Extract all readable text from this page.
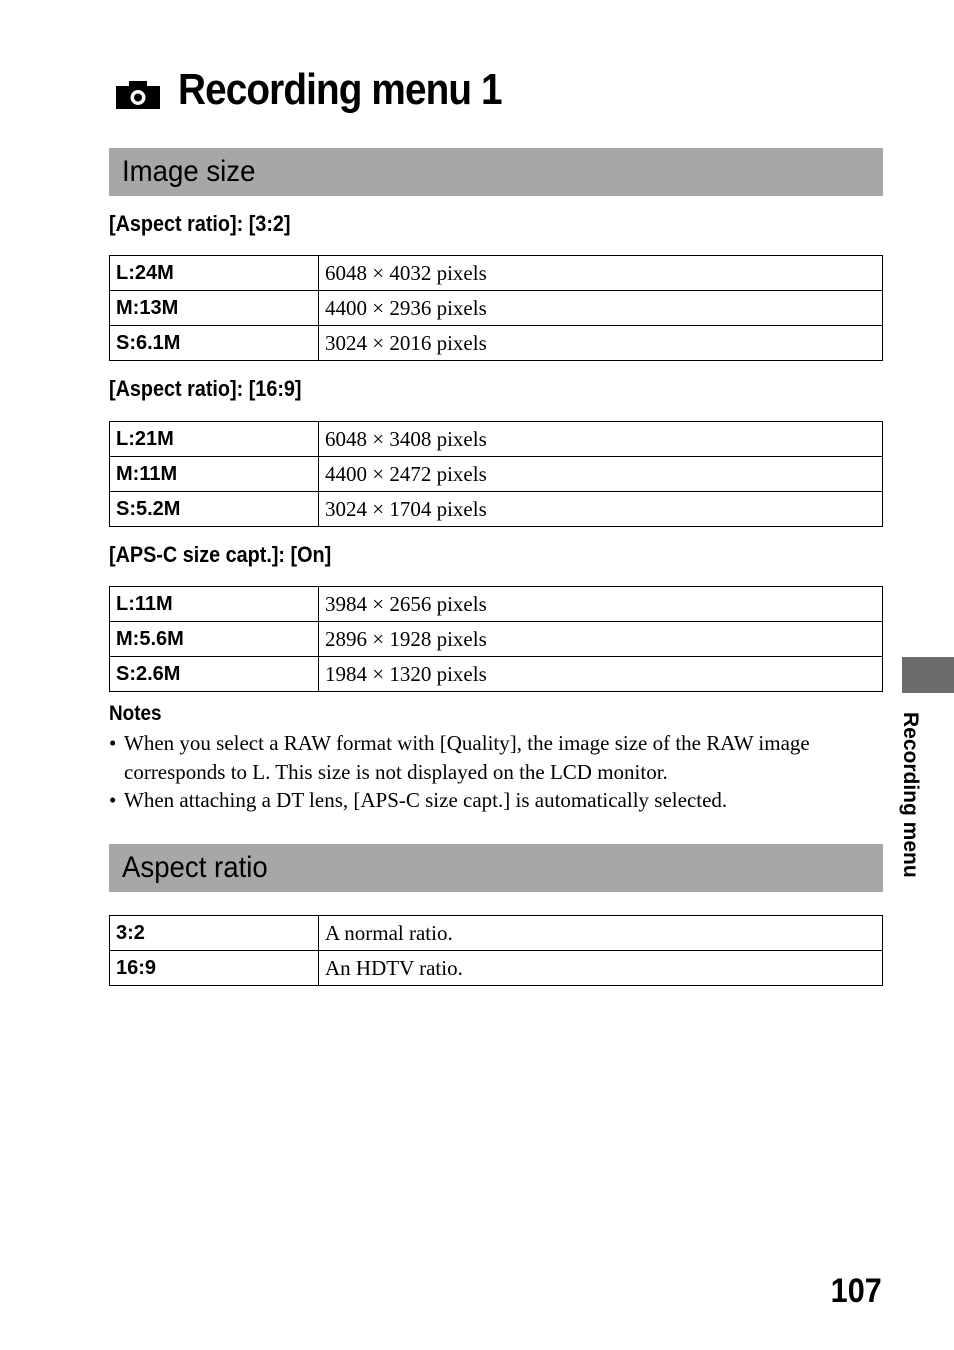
Recording menu 1
Image size

[Aspect ratio]: [3:2]

L:24M	6048 × 4032 pixels
M:13M	4400 × 2936 pixels
S:6.1M	3024 × 2016 pixels

[Aspect ratio]: [16:9]

L:21M	6048 × 3408 pixels
M:11M	4400 × 2472 pixels
S:5.2M	3024 × 1704 pixels

[APS-C size capt.]: [On]

L:11M	3984 × 2656 pixels
M:5.6M	2896 × 1928 pixels
S:2.6M	1984 × 1320 pixels

Notes

• When you select a RAW format with [Quality], the image size of the RAW image corresponds to L. This size is not displayed on the LCD monitor.
• When attaching a DT lens, [APS-C size capt.] is automatically selected.
Aspect ratio
3:2	A normal ratio.
16:9	An HDTV ratio.
Recording menu

107
